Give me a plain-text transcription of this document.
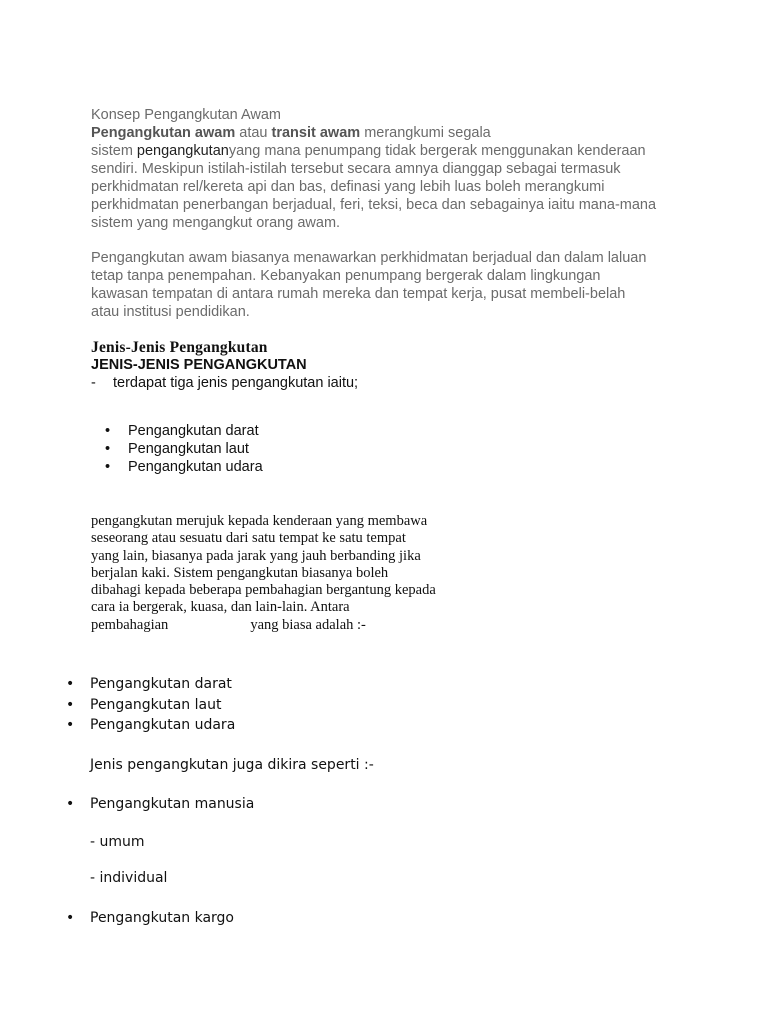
Konsep Pengangkutan Awam
Pengangkutan awam atau transit awam merangkumi segala
sistem pengangkutanyang mana penumpang tidak bergerak menggunakan kenderaan
sendiri. Meskipun istilah-istilah tersebut secara amnya dianggap sebagai termasuk
perkhidmatan rel/kereta api dan bas, definasi yang lebih luas boleh merangkumi
perkhidmatan penerbangan berjadual, feri, teksi, beca dan sebagainya iaitu mana-mana
sistem yang mengangkut orang awam.
Pengangkutan awam biasanya menawarkan perkhidmatan berjadual dan dalam laluan
tetap tanpa penempahan. Kebanyakan penumpang bergerak dalam lingkungan
kawasan tempatan di antara rumah mereka dan tempat kerja, pusat membeli-belah
atau institusi pendidikan.
Jenis-Jenis Pengangkutan
JENIS-JENIS PENGANGKUTAN
- terdapat tiga jenis pengangkutan iaitu;
• Pengangkutan darat
• Pengangkutan laut
• Pengangkutan udara
pengangkutan merujuk kepada kenderaan yang membawa
seseorang atau sesuatu dari satu tempat ke satu tempat
yang lain, biasanya pada jarak yang jauh berbanding jika
berjalan kaki. Sistem pengangkutan biasanya boleh
dibahagi kepada beberapa pembahagian bergantung kepada
cara ia bergerak, kuasa, dan lain-lain. Antara
pembahagian	yang biasa adalah :-
• Pengangkutan darat
• Pengangkutan laut
• Pengangkutan udara
Jenis pengangkutan juga dikira seperti :-
• Pengangkutan manusia
- umum
- individual
• Pengangkutan kargo
